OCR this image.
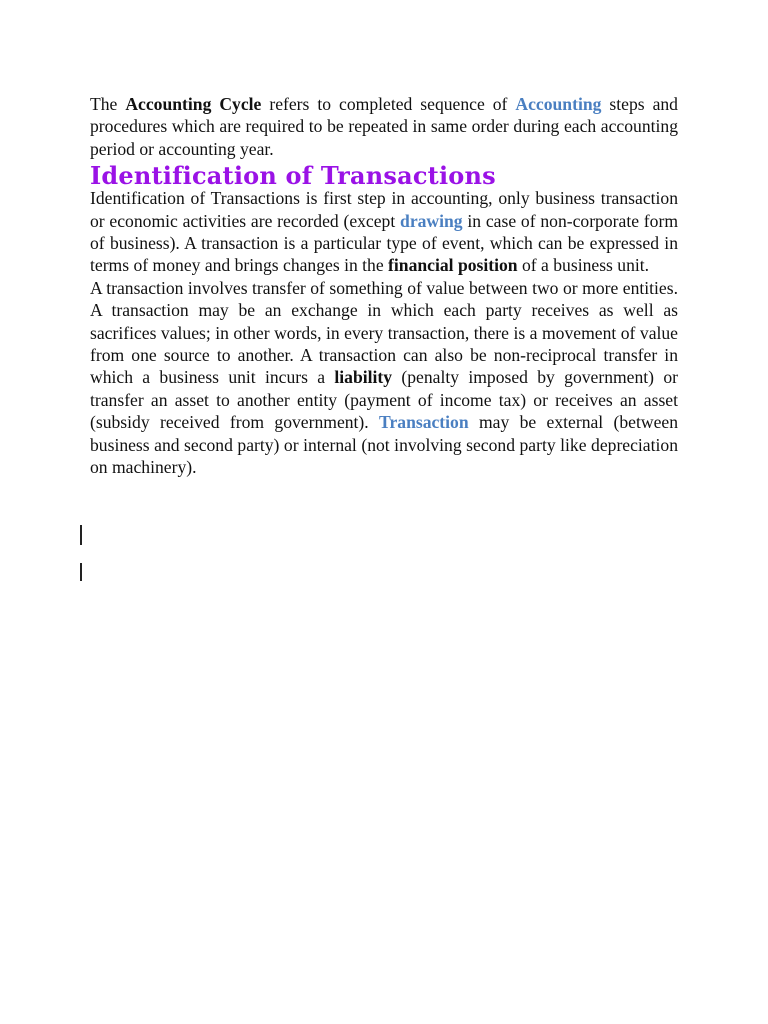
The Accounting Cycle refers to completed sequence of Accounting steps and procedures which are required to be repeated in same order during each accounting period or accounting year.

Identification of Transactions

Identification of Transactions is first step in accounting, only business transaction or economic activities are recorded (except drawing in case of non-corporate form of business). A transaction is a particular type of event, which can be expressed in terms of money and brings changes in the financial position of a business unit.

A transaction involves transfer of something of value between two or more entities. A transaction may be an exchange in which each party receives as well as sacrifices values; in other words, in every transaction, there is a movement of value from one source to another. A transaction can also be non-reciprocal transfer in which a business unit incurs a liability (penalty imposed by government) or transfer an asset to another entity (payment of income tax) or receives an asset (subsidy received from government). Transaction may be external (between business and second party) or internal (not involving second party like depreciation on machinery).
